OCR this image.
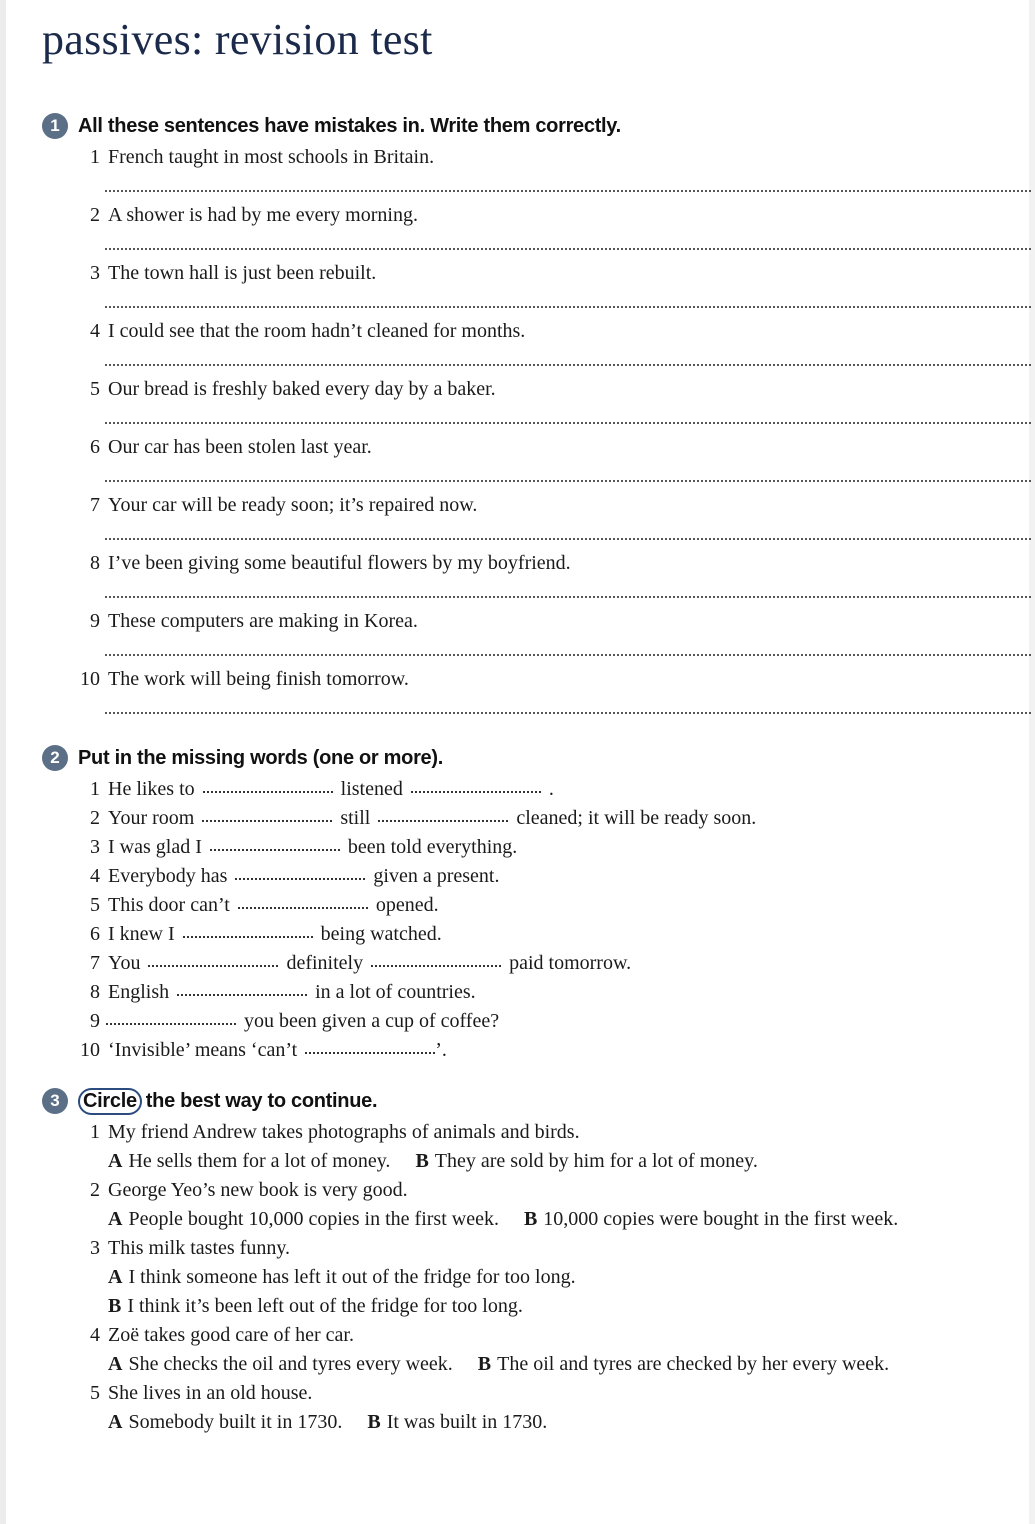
passives: revision test
1 All these sentences have mistakes in. Write them correctly.
1 French taught in most schools in Britain.
2 A shower is had by me every morning.
3 The town hall is just been rebuilt.
4 I could see that the room hadn’t cleaned for months.
5 Our bread is freshly baked every day by a baker.
6 Our car has been stolen last year.
7 Your car will be ready soon; it’s repaired now.
8 I’ve been giving some beautiful flowers by my boyfriend.
9 These computers are making in Korea.
10 The work will being finish tomorrow.
2 Put in the missing words (one or more).
1 He likes to	listened	.
2 Your room	still	cleaned; it will be ready soon.
3 I was glad I	been told everything.
4 Everybody has	given a present.
5 This door can’t	opened.
6 I knew I	being watched.
7 You	definitely	paid tomorrow.
8 English	in a lot of countries.
9	you been given a cup of coffee?
10 ‘Invisible’ means ‘can’t	’.
3	Circle the best way to continue.
1 My friend Andrew takes photographs of animals and birds.
A He sells them for a lot of money. B They are sold by him for a lot of money.
2 George Yeo’s new book is very good.
A People bought 10,000 copies in the first week. B 10,000 copies were bought in the first week.
3 This milk tastes funny.
A I think someone has left it out of the fridge for too long.
B I think it’s been left out of the fridge for too long.
4 Zoë takes good care of her car.
A She checks the oil and tyres every week. B The oil and tyres are checked by her every week.
5 She lives in an old house.
A Somebody built it in 1730. B It was built in 1730.
